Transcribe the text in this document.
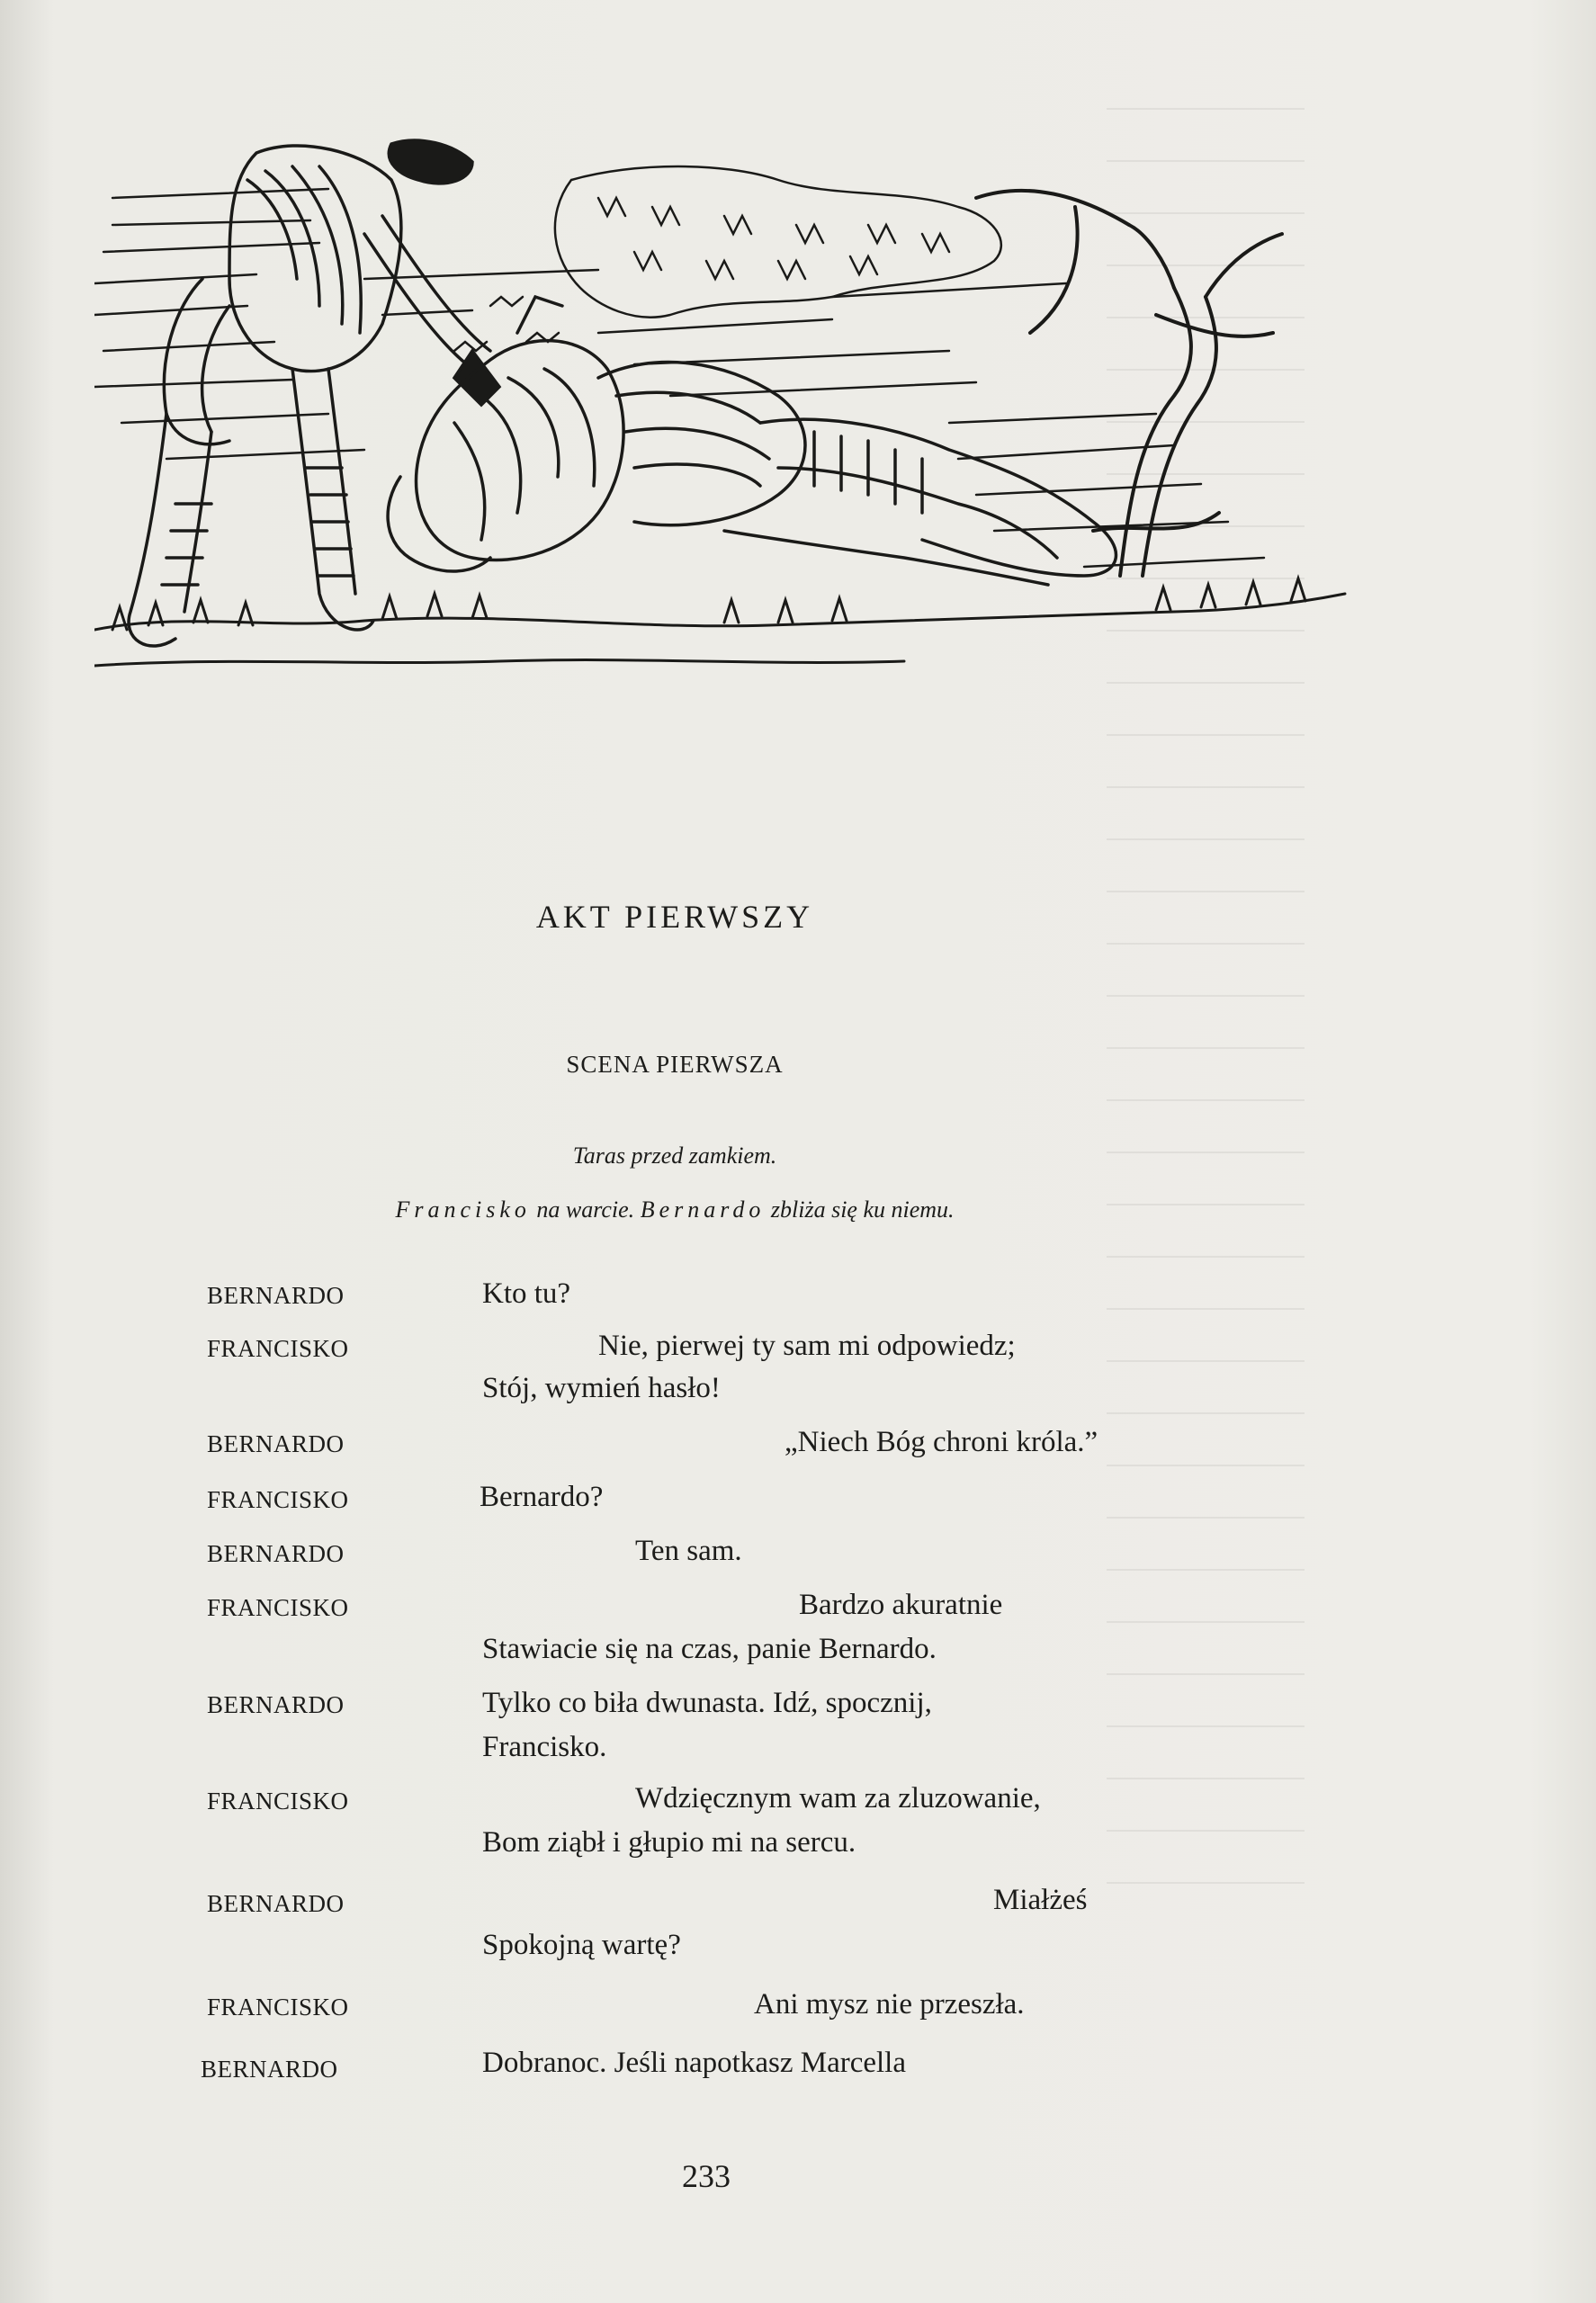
AKT PIERWSZY
SCENA PIERWSZA

Taras przed zamkiem.

Francisko na warcie. Bernardo zbliża się ku niemu.

BERNARDO	Kto tu?
FRANCISKO	Nie, pierwej ty sam mi odpowiedz;
Stój, wymień hasło!
BERNARDO	„Niech Bóg chroni króla.”
FRANCISKO	Bernardo?
BERNARDO	Ten sam.
FRANCISKO	Bardzo akuratnie
Stawiacie się na czas, panie Bernardo.
BERNARDO	Tylko co biła dwunasta. Idź, spocznij,
Francisko.
FRANCISKO	Wdzięcznym wam za zluzowanie,
Bom ziąbł i głupio mi na sercu.
BERNARDO	Miałżeś
Spokojną wartę?
FRANCISKO	Ani mysz nie przeszła.
BERNARDO	Dobranoc. Jeśli napotkasz Marcella
233
